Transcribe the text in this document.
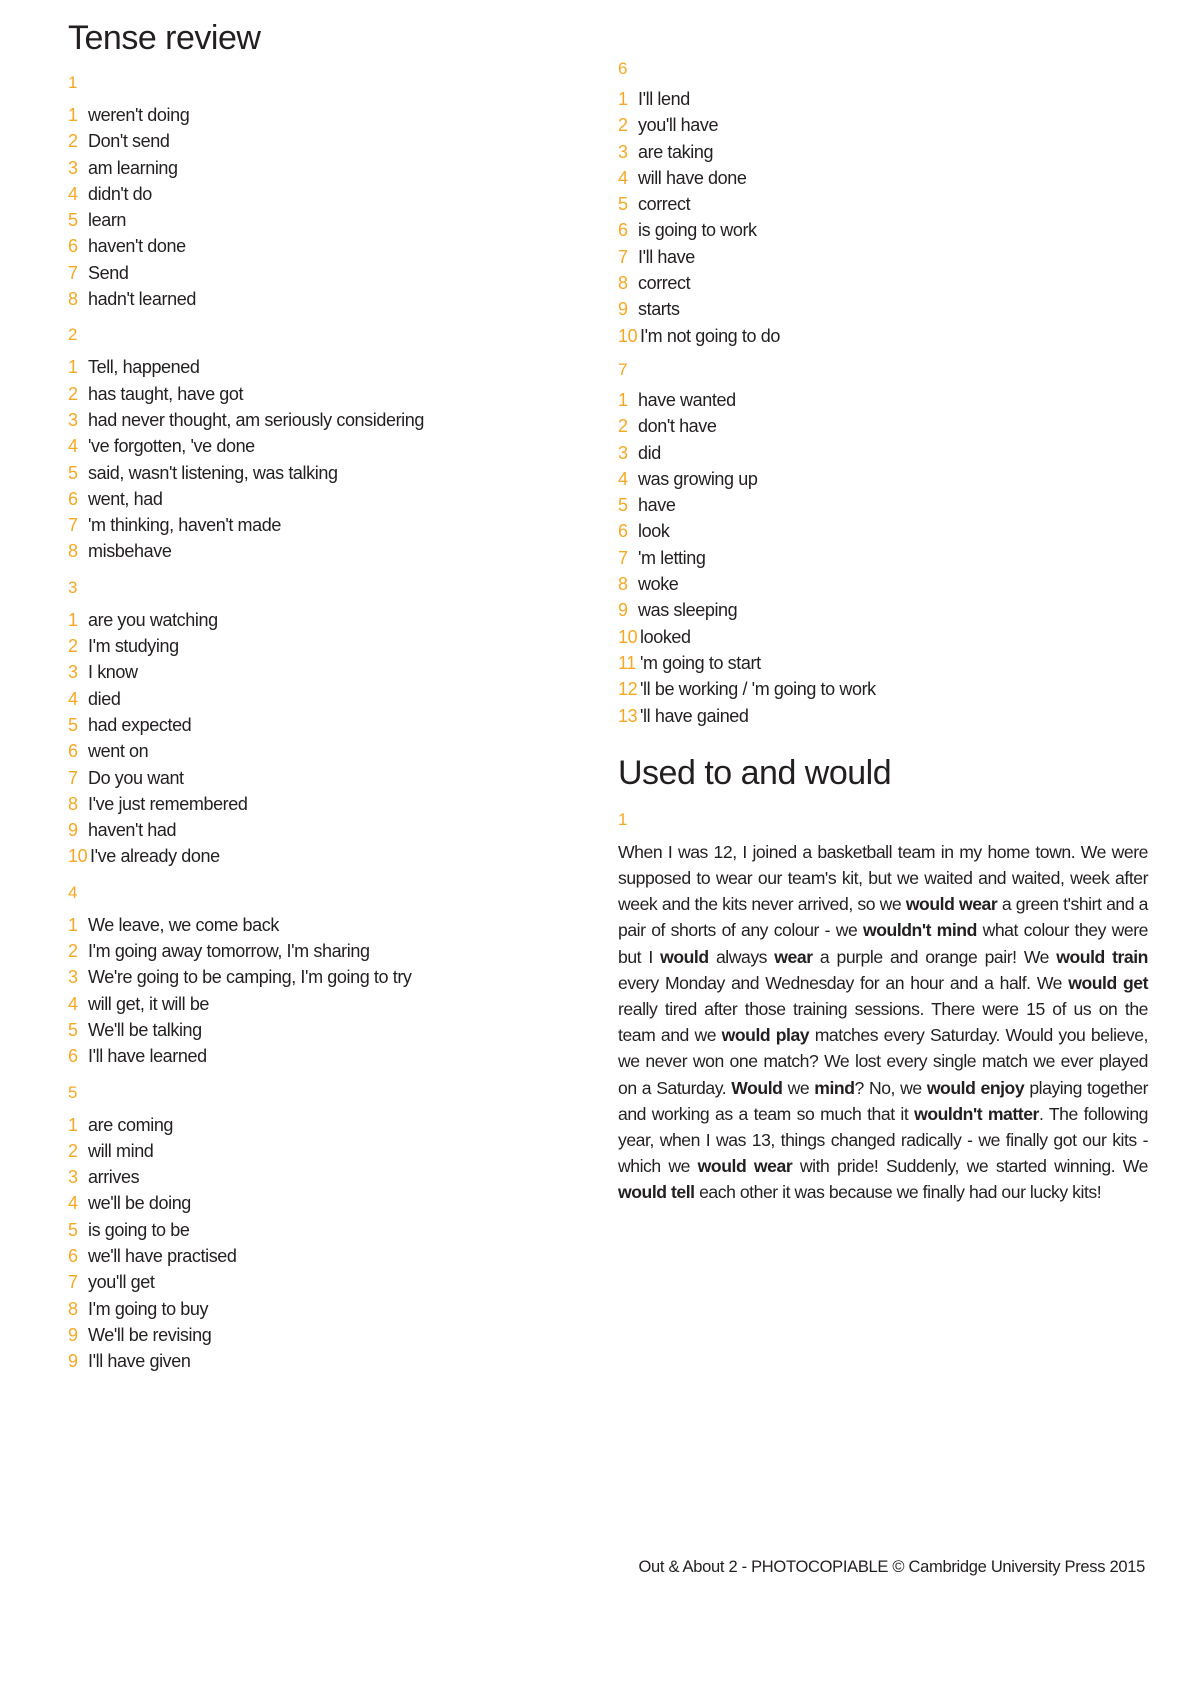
Tense review
1
1 weren't doing
2 Don't send
3 am learning
4 didn't do
5 learn
6 haven't done
7 Send
8 hadn't learned
2
1 Tell, happened
2 has taught, have got
3 had never thought, am seriously considering
4 've forgotten, 've done
5 said, wasn't listening, was talking
6 went, had
7 'm thinking, haven't made
8 misbehave
3
1 are you watching
2 I'm studying
3 I know
4 died
5 had expected
6 went on
7 Do you want
8 I've just remembered
9 haven't had
10 I've already done
4
1 We leave, we come back
2 I'm going away tomorrow, I'm sharing
3 We're going to be camping, I'm going to try
4 will get, it will be
5 We'll be talking
6 I'll have learned
5
1 are coming
2 will mind
3 arrives
4 we'll be doing
5 is going to be
6 we'll have practised
7 you'll get
8 I'm going to buy
9 We'll be revising
9 I'll have given
6
1 I'll lend
2 you'll have
3 are taking
4 will have done
5 correct
6 is going to work
7 I'll have
8 correct
9 starts
10 I'm not going to do
7
1 have wanted
2 don't have
3 did
4 was growing up
5 have
6 look
7 'm letting
8 woke
9 was sleeping
10 looked
11 'm going to start
12 'll be working / 'm going to work
13 'll have gained
Used to and would
1

When I was 12, I joined a basketball team in my home town. We were supposed to wear our team's kit, but we waited and waited, week after week and the kits never arrived, so we would wear a green t'shirt and a pair of shorts of any colour - we wouldn't mind what colour they were but I would always wear a purple and orange pair! We would train every Monday and Wednesday for an hour and a half. We would get really tired after those training sessions. There were 15 of us on the team and we would play matches every Saturday. Would you believe, we never won one match? We lost every single match we ever played on a Saturday. Would we mind? No, we would enjoy playing together and working as a team so much that it wouldn't matter. The following year, when I was 13, things changed radically - we finally got our kits - which we would wear with pride! Suddenly, we started winning. We would tell each other it was because we finally had our lucky kits!

Out & About 2 - PHOTOCOPIABLE © Cambridge University Press 2015
